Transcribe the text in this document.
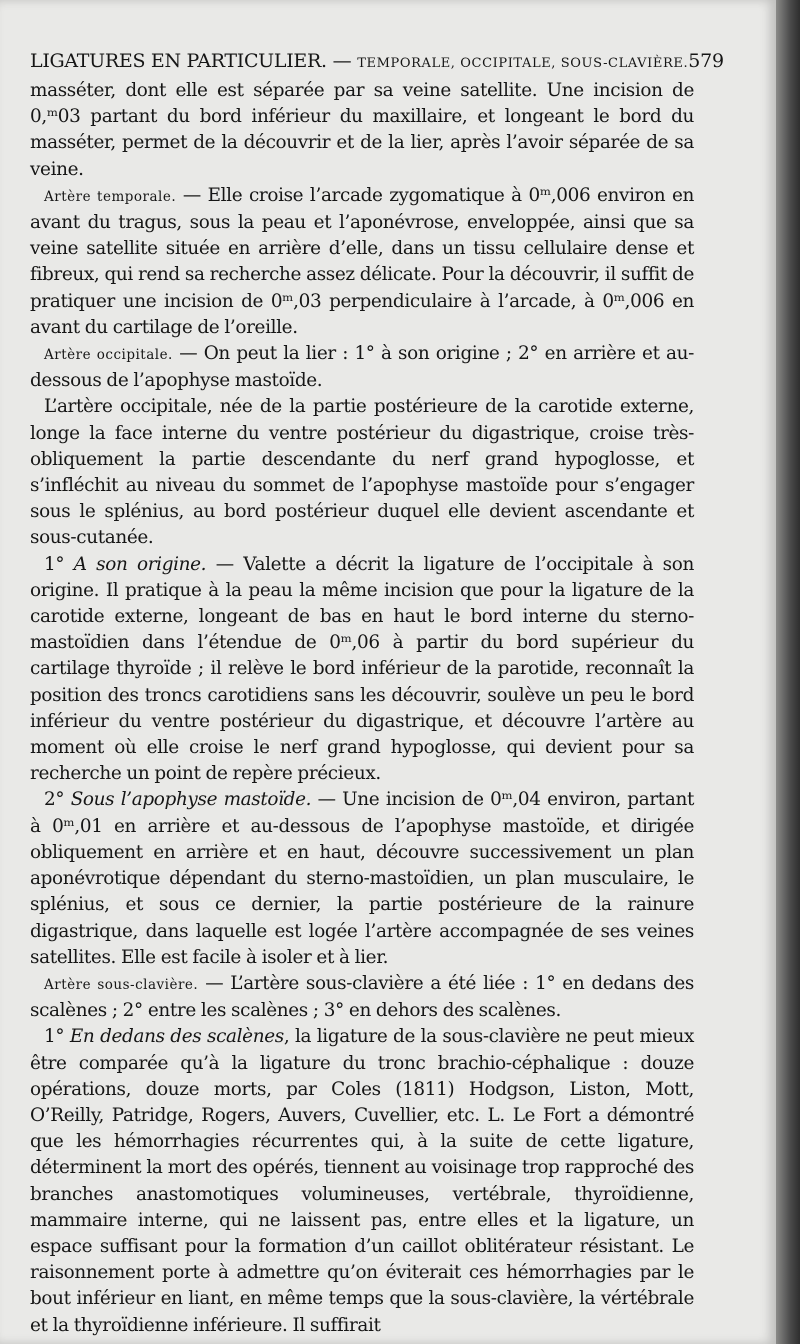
LIGATURES EN PARTICULIER. — TEMPORALE, OCCIPITALE, SOUS-CLAVIÈRE. 579

masséter, dont elle est séparée par sa veine satellite. Une incision de 0,ᵐ03 partant du bord inférieur du maxillaire, et longeant le bord du masséter, permet de la découvrir et de la lier, après l’avoir séparée de sa veine.

Artère temporale. — Elle croise l’arcade zygomatique à 0ᵐ,006 environ en avant du tragus, sous la peau et l’aponévrose, enveloppée, ainsi que sa veine satellite située en arrière d’elle, dans un tissu cellulaire dense et fibreux, qui rend sa recherche assez délicate. Pour la découvrir, il suffit de pratiquer une incision de 0ᵐ,03 perpendiculaire à l’arcade, à 0ᵐ,006 en avant du cartilage de l’oreille.

Artère occipitale. — On peut la lier : 1° à son origine ; 2° en arrière et au-dessous de l’apophyse mastoïde.

L’artère occipitale, née de la partie postérieure de la carotide externe, longe la face interne du ventre postérieur du digastrique, croise très-obliquement la partie descendante du nerf grand hypoglosse, et s’infléchit au niveau du sommet de l’apophyse mastoïde pour s’engager sous le splénius, au bord postérieur duquel elle devient ascendante et sous-cutanée.

1° A son origine. — Valette a décrit la ligature de l’occipitale à son origine. Il pratique à la peau la même incision que pour la ligature de la carotide externe, longeant de bas en haut le bord interne du sterno-mastoïdien dans l’étendue de 0ᵐ,06 à partir du bord supérieur du cartilage thyroïde ; il relève le bord inférieur de la parotide, reconnaît la position des troncs carotidiens sans les découvrir, soulève un peu le bord inférieur du ventre postérieur du digastrique, et découvre l’artère au moment où elle croise le nerf grand hypoglosse, qui devient pour sa recherche un point de repère précieux.

2° Sous l’apophyse mastoïde. — Une incision de 0ᵐ,04 environ, partant à 0ᵐ,01 en arrière et au-dessous de l’apophyse mastoïde, et dirigée obliquement en arrière et en haut, découvre successivement un plan aponévrotique dépendant du sterno-mastoïdien, un plan musculaire, le splénius, et sous ce dernier, la partie postérieure de la rainure digastrique, dans laquelle est logée l’artère accompagnée de ses veines satellites. Elle est facile à isoler et à lier.

Artère sous-clavière. — L’artère sous-clavière a été liée : 1° en dedans des scalènes ; 2° entre les scalènes ; 3° en dehors des scalènes.

1° En dedans des scalènes, la ligature de la sous-clavière ne peut mieux être comparée qu’à la ligature du tronc brachio-céphalique : douze opérations, douze morts, par Coles (1811) Hodgson, Liston, Mott, O’Reilly, Patridge, Rogers, Auvers, Cuvellier, etc. L. Le Fort a démontré que les hémorrhagies récurrentes qui, à la suite de cette ligature, déterminent la mort des opérés, tiennent au voisinage trop rapproché des branches anastomotiques volumineuses, vertébrale, thyroïdienne, mammaire interne, qui ne laissent pas, entre elles et la ligature, un espace suffisant pour la formation d’un caillot oblitérateur résistant. Le raisonnement porte à admettre qu’on éviterait ces hémorrhagies par le bout inférieur en liant, en même temps que la sous-clavière, la vértébrale et la thyroïdienne inférieure. Il suffirait
